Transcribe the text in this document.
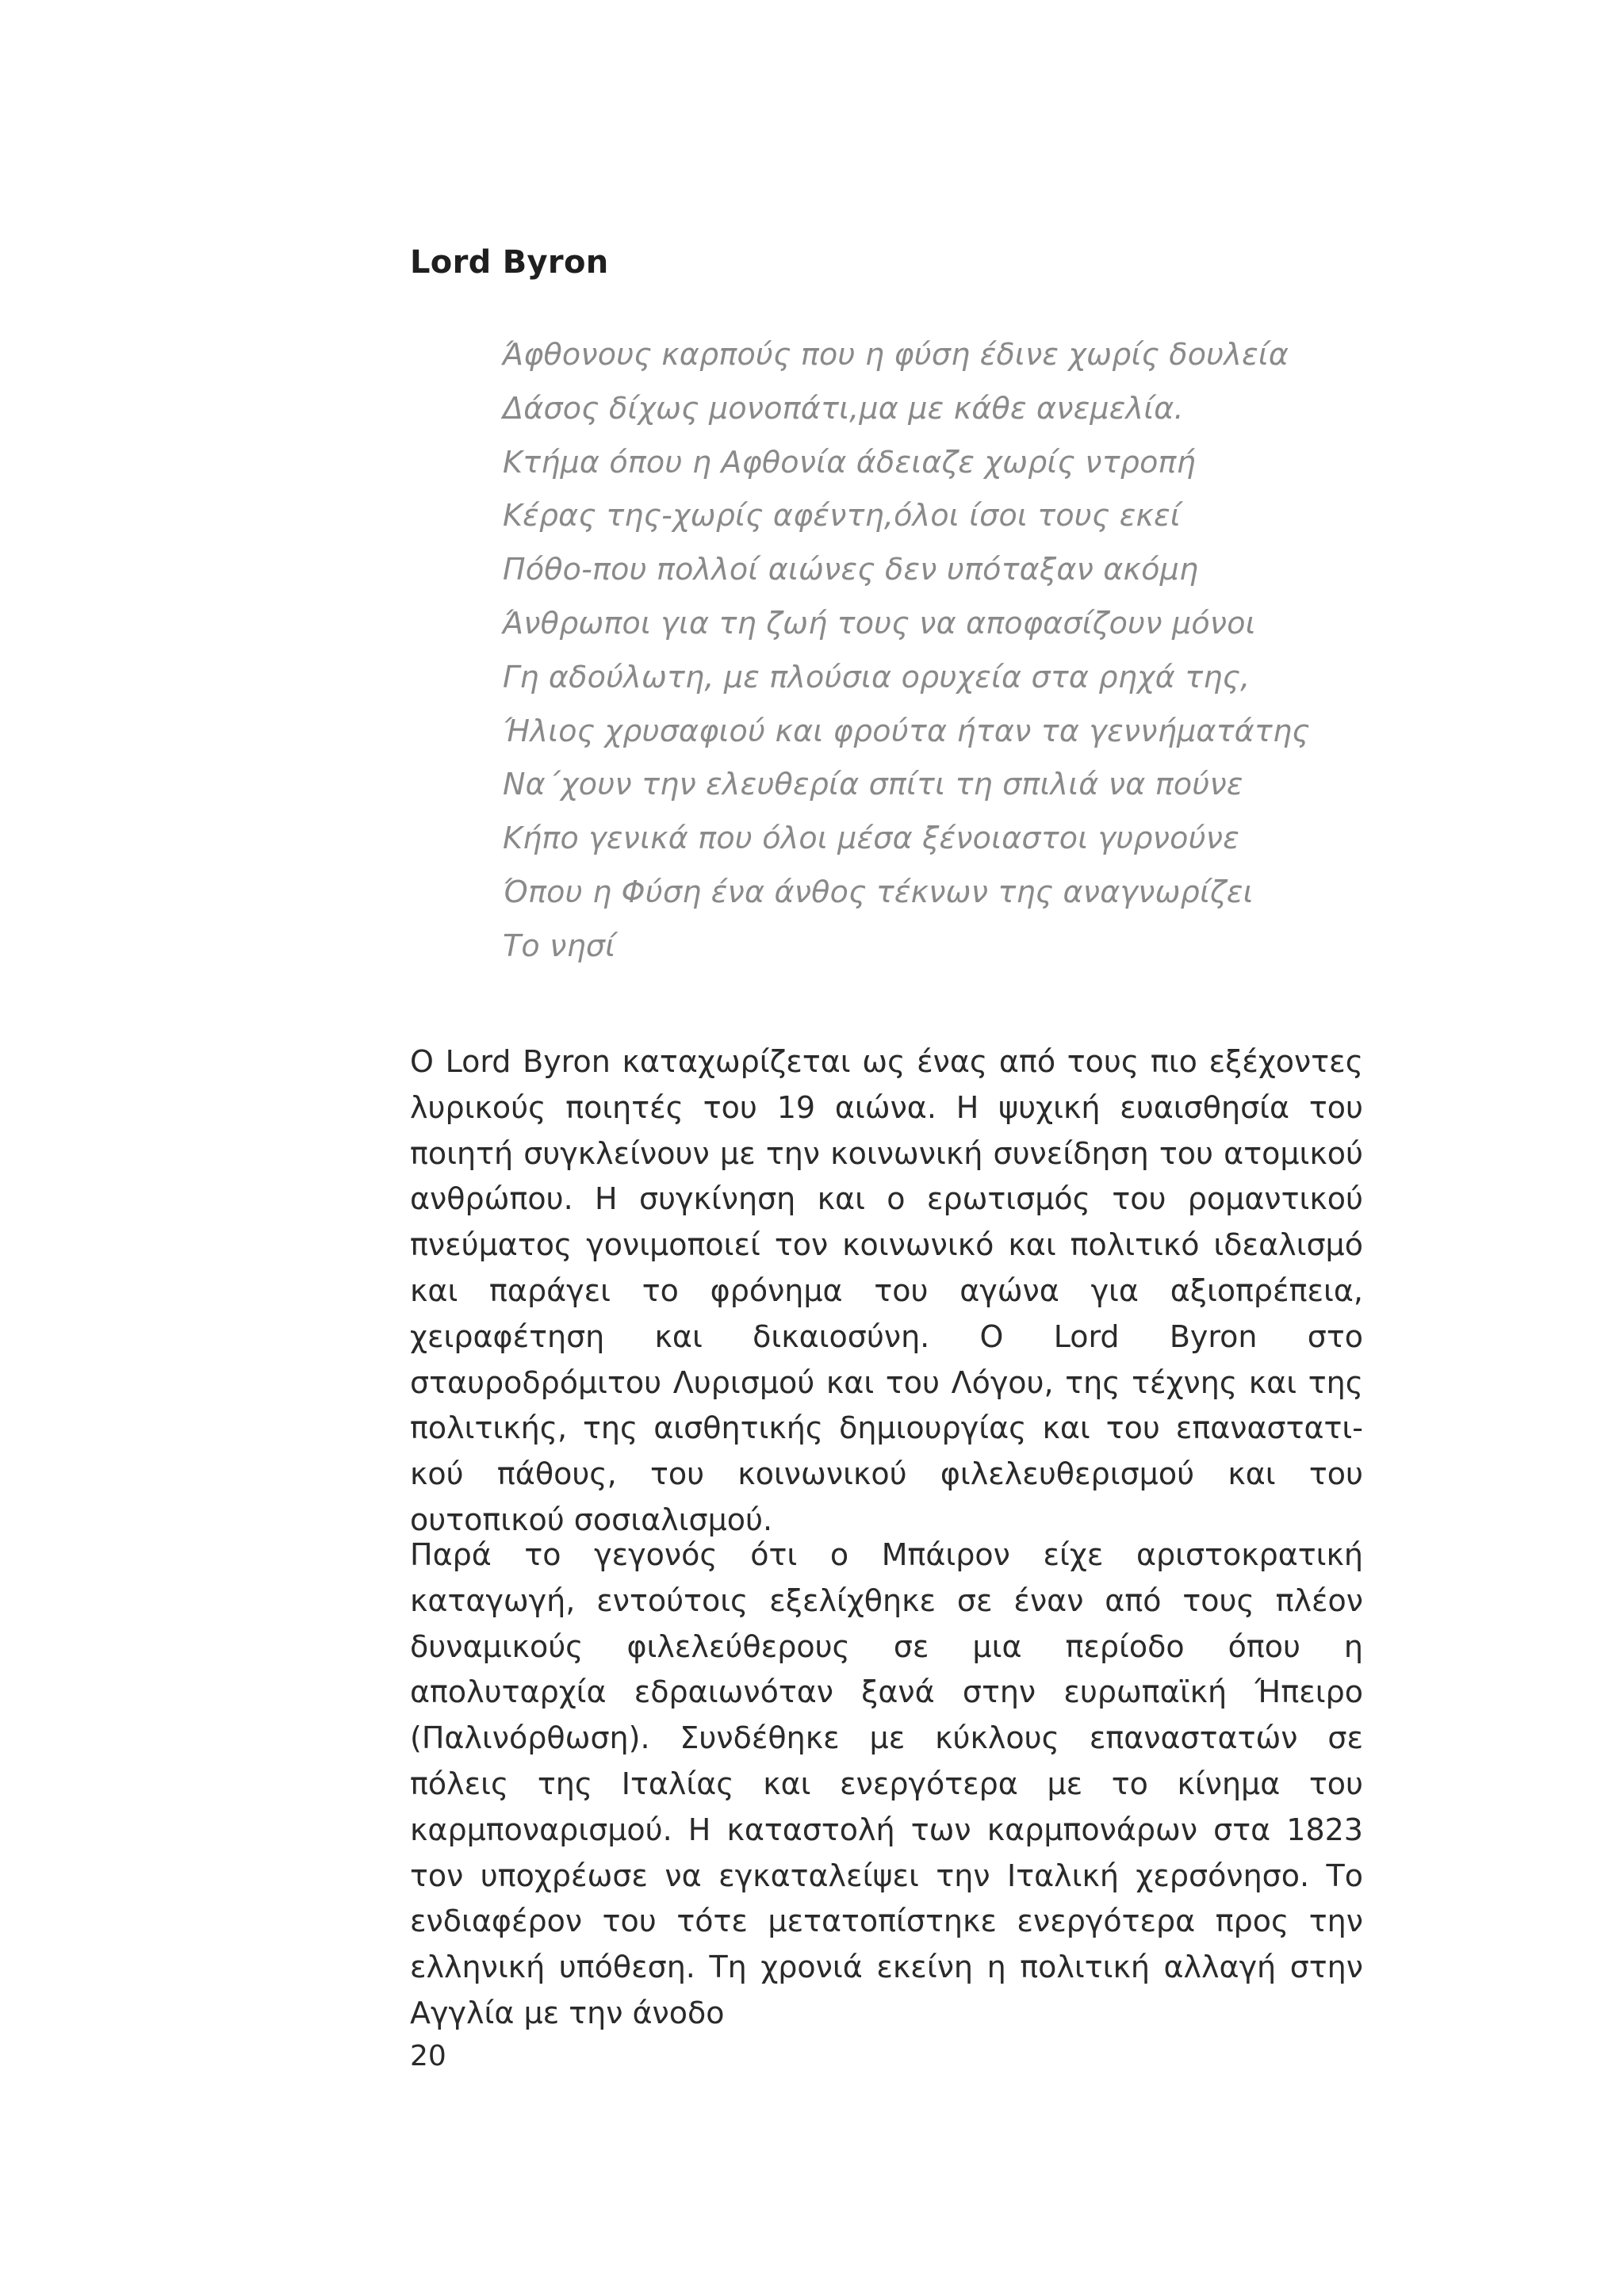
Lord Byron
Άφθονους καρπούς που η φύση έδινε χωρίς δουλεία
Δάσος δίχως μονοπάτι,μα με κάθε ανεμελία.
Κτήμα όπου η Αφθονία άδειαζε χωρίς ντροπή
Κέρας της-χωρίς αφέντη,όλοι ίσοι τους εκεί
Πόθο-που πολλοί αιώνες δεν υπόταξαν ακόμη
Άνθρωποι για τη ζωή τους να αποφασίζουν μόνοι
Γη αδούλωτη, με πλούσια ορυχεία στα ρηχά της,
Ήλιος χρυσαφιού και φρούτα ήταν τα γεννήματάτης
Να΄χουν την ελευθερία σπίτι τη σπιλιά να πούνε
Κήπο γενικά που όλοι μέσα ξένοιαστοι γυρνούνε
Όπου η Φύση ένα άνθος τέκνων της αναγνωρίζει
Το νησί

Ο Lord Byron καταχωρίζεται ως ένας από τους πιο εξέχοντες λυρικούς ποιητές του 19 αιώνα. Η ψυχική ευαισθησία του ποιητή συγκλείνουν με την κοινωνική συνείδηση του ατομικού ανθρώπου. Η συγκίνηση και ο ερωτισμός του ρομαντικού πνεύματος γονιμοποιεί τον κοινωνικό και πολιτικό ιδεαλισμό και παράγει το φρόνημα του αγώνα για αξιοπρέπεια, χειραφέτηση και δικαιοσύνη. Ο Lord Byron στο σταυροδρόμιτου Λυρισμού και του Λόγου, της τέχνης και της πολιτικής, της αισθητικής δημιουργίας και του επαναστατικού πάθους, του κοινωνικού φιλελευθερισμού και του ουτοπικού σοσιαλισμού.

Παρά το γεγονός ότι ο Μπάιρον είχε αριστοκρατική καταγωγή, εντούτοις εξελίχθηκε σε έναν από τους πλέον δυναμικούς φιλελεύθερους σε μια περίοδο όπου η απολυταρχία εδραιωνόταν ξανά στην ευρωπαϊκή Ήπειρο (Παλινόρθωση). Συνδέθηκε με κύκλους επαναστατών σε πόλεις της Ιταλίας και ενεργότερα με το κίνημα του καρμποναρισμού. Η καταστολή των καρμπονάρων στα 1823 τον υποχρέωσε να εγκαταλείψει την Ιταλική χερσόνησο. Το ενδιαφέρον του τότε μετατοπίστηκε ενεργότερα προς την ελληνική υπόθεση. Τη χρονιά εκείνη η πολιτική αλλαγή στην Αγγλία με την άνοδο

20
